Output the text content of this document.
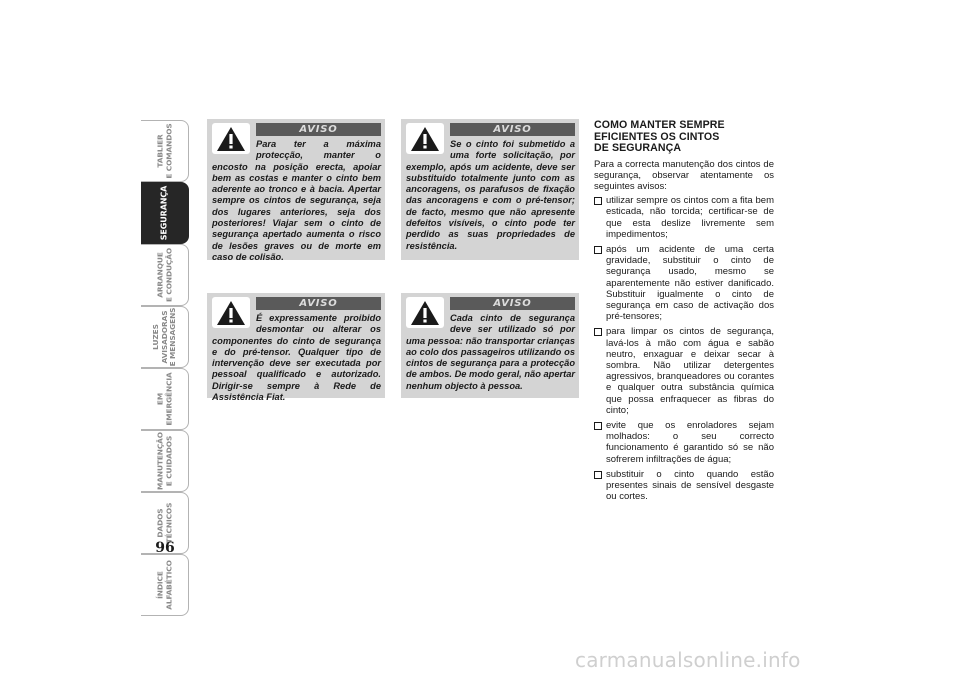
TABLIER
E COMANDOS
SEGURANÇA
ARRANQUE
E CONDUÇÃO
LUZES
AVISADORAS
E MENSAGENS
EM
EMERGÊNCIA
MANUTENÇÃO
E CUIDADOS
DADOS
TÉCNICOS
ÍNDICE
ALFABÉTICO
96
AVISO

Para ter a máxima protecção, manter o encosto na posição erecta, apoiar bem as costas e manter o cinto bem aderente ao tronco e à bacia. Apertar sempre os cintos de segurança, seja dos lugares anteriores, seja dos posteriores! Viajar sem o cinto de segurança apertado aumenta o risco de lesões graves ou de morte em caso de colisão.

AVISO

Se o cinto foi submetido a uma forte solicitação, por exemplo, após um acidente, deve ser substituído totalmente junto com as ancoragens, os parafusos de fixação das ancoragens e com o pré-tensor; de facto, mesmo que não apresente defeitos visíveis, o cinto pode ter perdido as suas propriedades de resistência.

AVISO

É expressamente proibido desmontar ou alterar os componentes do cinto de segurança e do pré-tensor. Qualquer tipo de intervenção deve ser executada por pessoal qualificado e autorizado. Dirigir-se sempre à Rede de Assistência Fiat.

AVISO

Cada cinto de segurança deve ser utilizado só por uma pessoa: não transportar crianças ao colo dos passageiros utilizando os cintos de segurança para a protecção de ambos. De modo geral, não apertar nenhum objecto à pessoa.

COMO MANTER SEMPRE
EFICIENTES OS CINTOS
DE SEGURANÇA

Para a correcta manutenção dos cintos de segurança, observar atentamente os seguintes avisos:

utilizar sempre os cintos com a fita bem esticada, não torcida; certificar-se de que esta deslize livremente sem impedimentos;
após um acidente de uma certa gravidade, substituir o cinto de segurança usado, mesmo se aparentemente não estiver danificado. Substituir igualmente o cinto de segurança em caso de activação dos pré-tensores;
para limpar os cintos de segurança, lavá-los à mão com água e sabão neutro, enxaguar e deixar secar à sombra. Não utilizar detergentes agressivos, branqueadores ou corantes e qualquer outra substância química que possa enfraquecer as fibras do cinto;
evite que os enroladores sejam molhados: o seu correcto funcionamento é garantido só se não sofrerem infiltrações de água;
substituir o cinto quando estão presentes sinais de sensível desgaste ou cortes.
carmanualsonline.info
